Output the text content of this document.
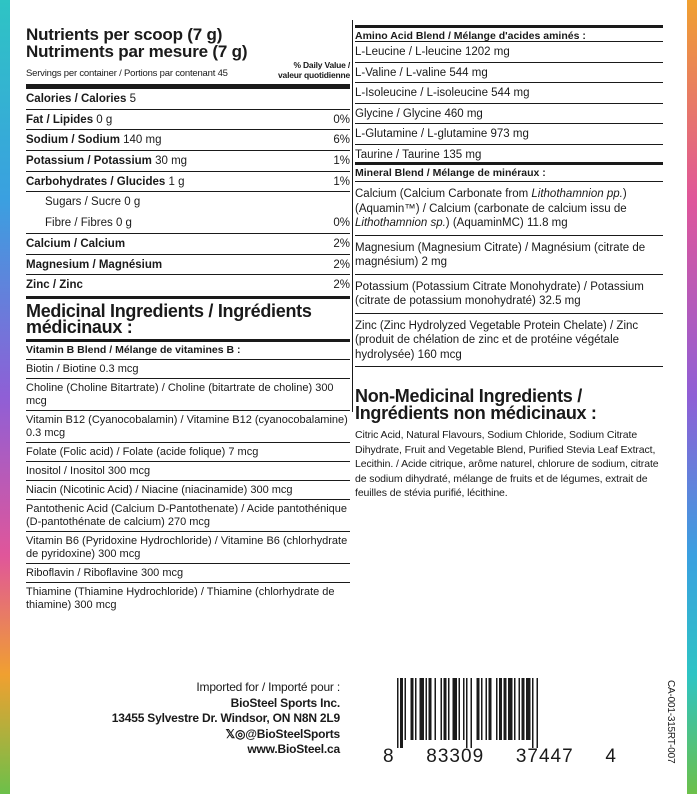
Nutrients per scoop (7 g)
Nutriments par mesure (7 g)
% Daily Value / valeur quotidienne
Servings per container / Portions par contenant 45
Calories / Calories 5
Fat / Lipides 0 g	0%
Sodium / Sodium 140 mg	6%
Potassium / Potassium 30 mg	1%
Carbohydrates / Glucides 1 g	1%
Sugars / Sucre 0 g
Fibre / Fibres 0 g	0%
Calcium / Calcium	2%
Magnesium / Magnésium	2%
Zinc / Zinc	2%
Medicinal Ingredients / Ingrédients
médicinaux :
Vitamin B Blend / Mélange de vitamines B :
Biotin / Biotine 0.3 mcg
Choline (Choline Bitartrate) / Choline (bitartrate de choline) 300 mcg
Vitamin B12 (Cyanocobalamin) / Vitamine B12 (cyanocobalamine) 0.3 mcg
Folate (Folic acid) / Folate (acide folique) 7 mcg
Inositol / Inositol 300 mcg
Niacin (Nicotinic Acid) / Niacine (niacinamide) 300 mcg
Pantothenic Acid (Calcium D-Pantothenate) / Acide pantothénique (D-pantothénate de calcium) 270 mcg
Vitamin B6 (Pyridoxine Hydrochloride) / Vitamine B6 (chlorhydrate de pyridoxine) 300 mcg
Riboflavin / Riboflavine 300 mcg
Thiamine (Thiamine Hydrochloride) / Thiamine (chlorhydrate de thiamine) 300 mcg
Amino Acid Blend / Mélange d'acides aminés :
L-Leucine / L-leucine 1202 mg
L-Valine / L-valine 544 mg
L-Isoleucine / L-isoleucine 544 mg
Glycine / Glycine 460 mg
L-Glutamine / L-glutamine 973 mg
Taurine / Taurine 135 mg
Mineral Blend / Mélange de minéraux :
Calcium (Calcium Carbonate from Lithothamnion pp.) (Aquamin™) / Calcium (carbonate de calcium issu de Lithothamnion sp.) (AquaminMC) 11.8 mg
Magnesium (Magnesium Citrate) / Magnésium (citrate de magnésium) 2 mg
Potassium (Potassium Citrate Monohydrate) / Potassium (citrate de potassium monohydraté) 32.5 mg
Zinc (Zinc Hydrolyzed Vegetable Protein Chelate) / Zinc (produit de chélation de zinc et de protéine végétale hydrolysée) 160 mcg
Non-Medicinal Ingredients /
Ingrédients non médicinaux :
Citric Acid, Natural Flavours, Sodium Chloride, Sodium Citrate Dihydrate, Fruit and Vegetable Blend, Purified Stevia Leaf Extract, Lecithin. / Acide citrique, arôme naturel, chlorure de sodium, citrate de sodium dihydraté, mélange de fruits et de légumes, extrait de feuilles de stévia purifié, lécithine.
Imported for / Importé pour :
BioSteel Sports Inc.
13455 Sylvestre Dr. Windsor, ON N8N 2L9
𝕏◎@BioSteelSports
www.BioSteel.ca 8 83309 37447 4	CA-001-315RT-007
